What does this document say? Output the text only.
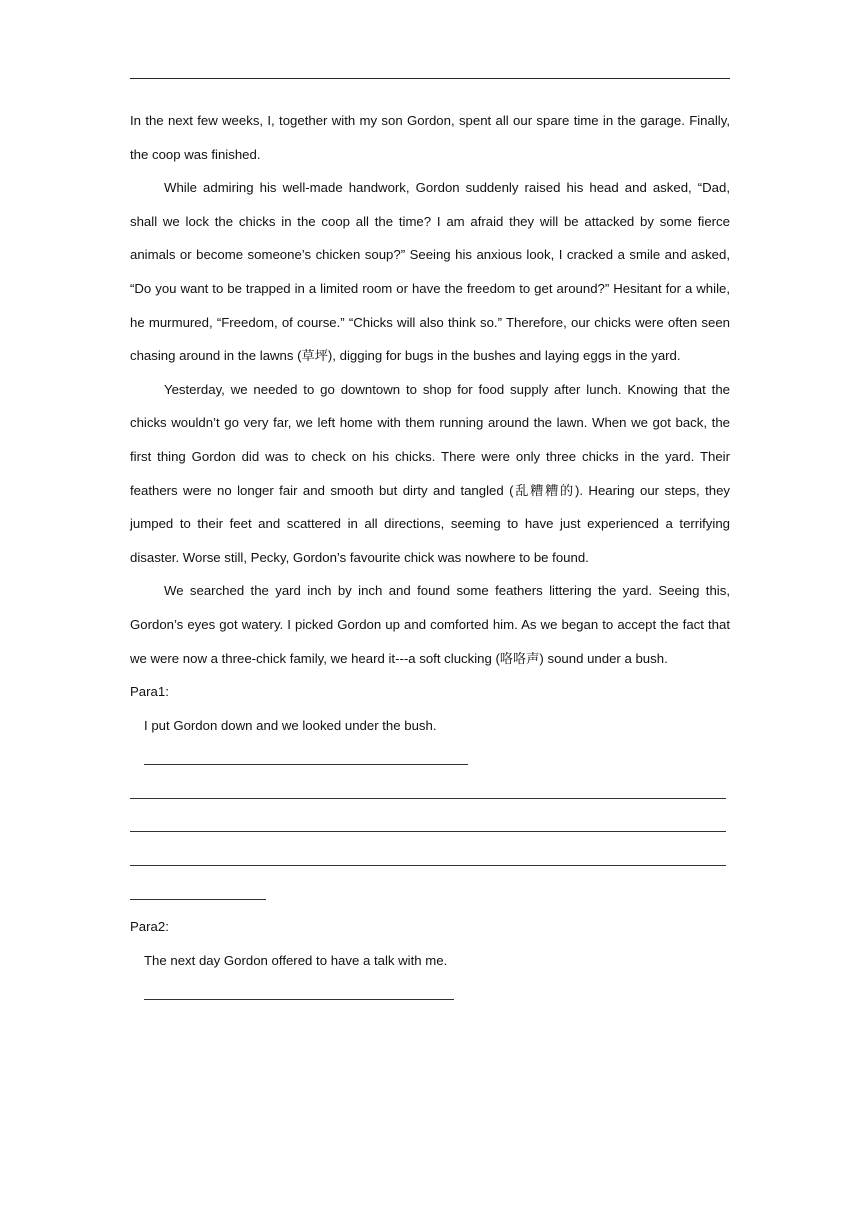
In the next few weeks, I, together with my son Gordon, spent all our spare time in the garage. Finally, the coop was finished.

While admiring his well-made handwork, Gordon suddenly raised his head and asked, “Dad, shall we lock the chicks in the coop all the time? I am afraid they will be attacked by some fierce animals or become someone’s chicken soup?” Seeing his anxious look, I cracked a smile and asked, “Do you want to be trapped in a limited room or have the freedom to get around?” Hesitant for a while, he murmured, “Freedom, of course.” “Chicks will also think so.” Therefore, our chicks were often seen chasing around in the lawns (草坪), digging for bugs in the bushes and laying eggs in the yard.

Yesterday, we needed to go downtown to shop for food supply after lunch. Knowing that the chicks wouldn’t go very far, we left home with them running around the lawn. When we got back, the first thing Gordon did was to check on his chicks. There were only three chicks in the yard. Their feathers were no longer fair and smooth but dirty and tangled (乱糟糟的). Hearing our steps, they jumped to their feet and scattered in all directions, seeming to have just experienced a terrifying disaster. Worse still, Pecky, Gordon’s favourite chick was nowhere to be found.

We searched the yard inch by inch and found some feathers littering the yard. Seeing this, Gordon’s eyes got watery. I picked Gordon up and comforted him. As we began to accept the fact that we were now a three-chick family, we heard it---a soft clucking (咯咯声) sound under a bush.

Para1:

I put Gordon down and we looked under the bush.

Para2:

The next day Gordon offered to have a talk with me.
